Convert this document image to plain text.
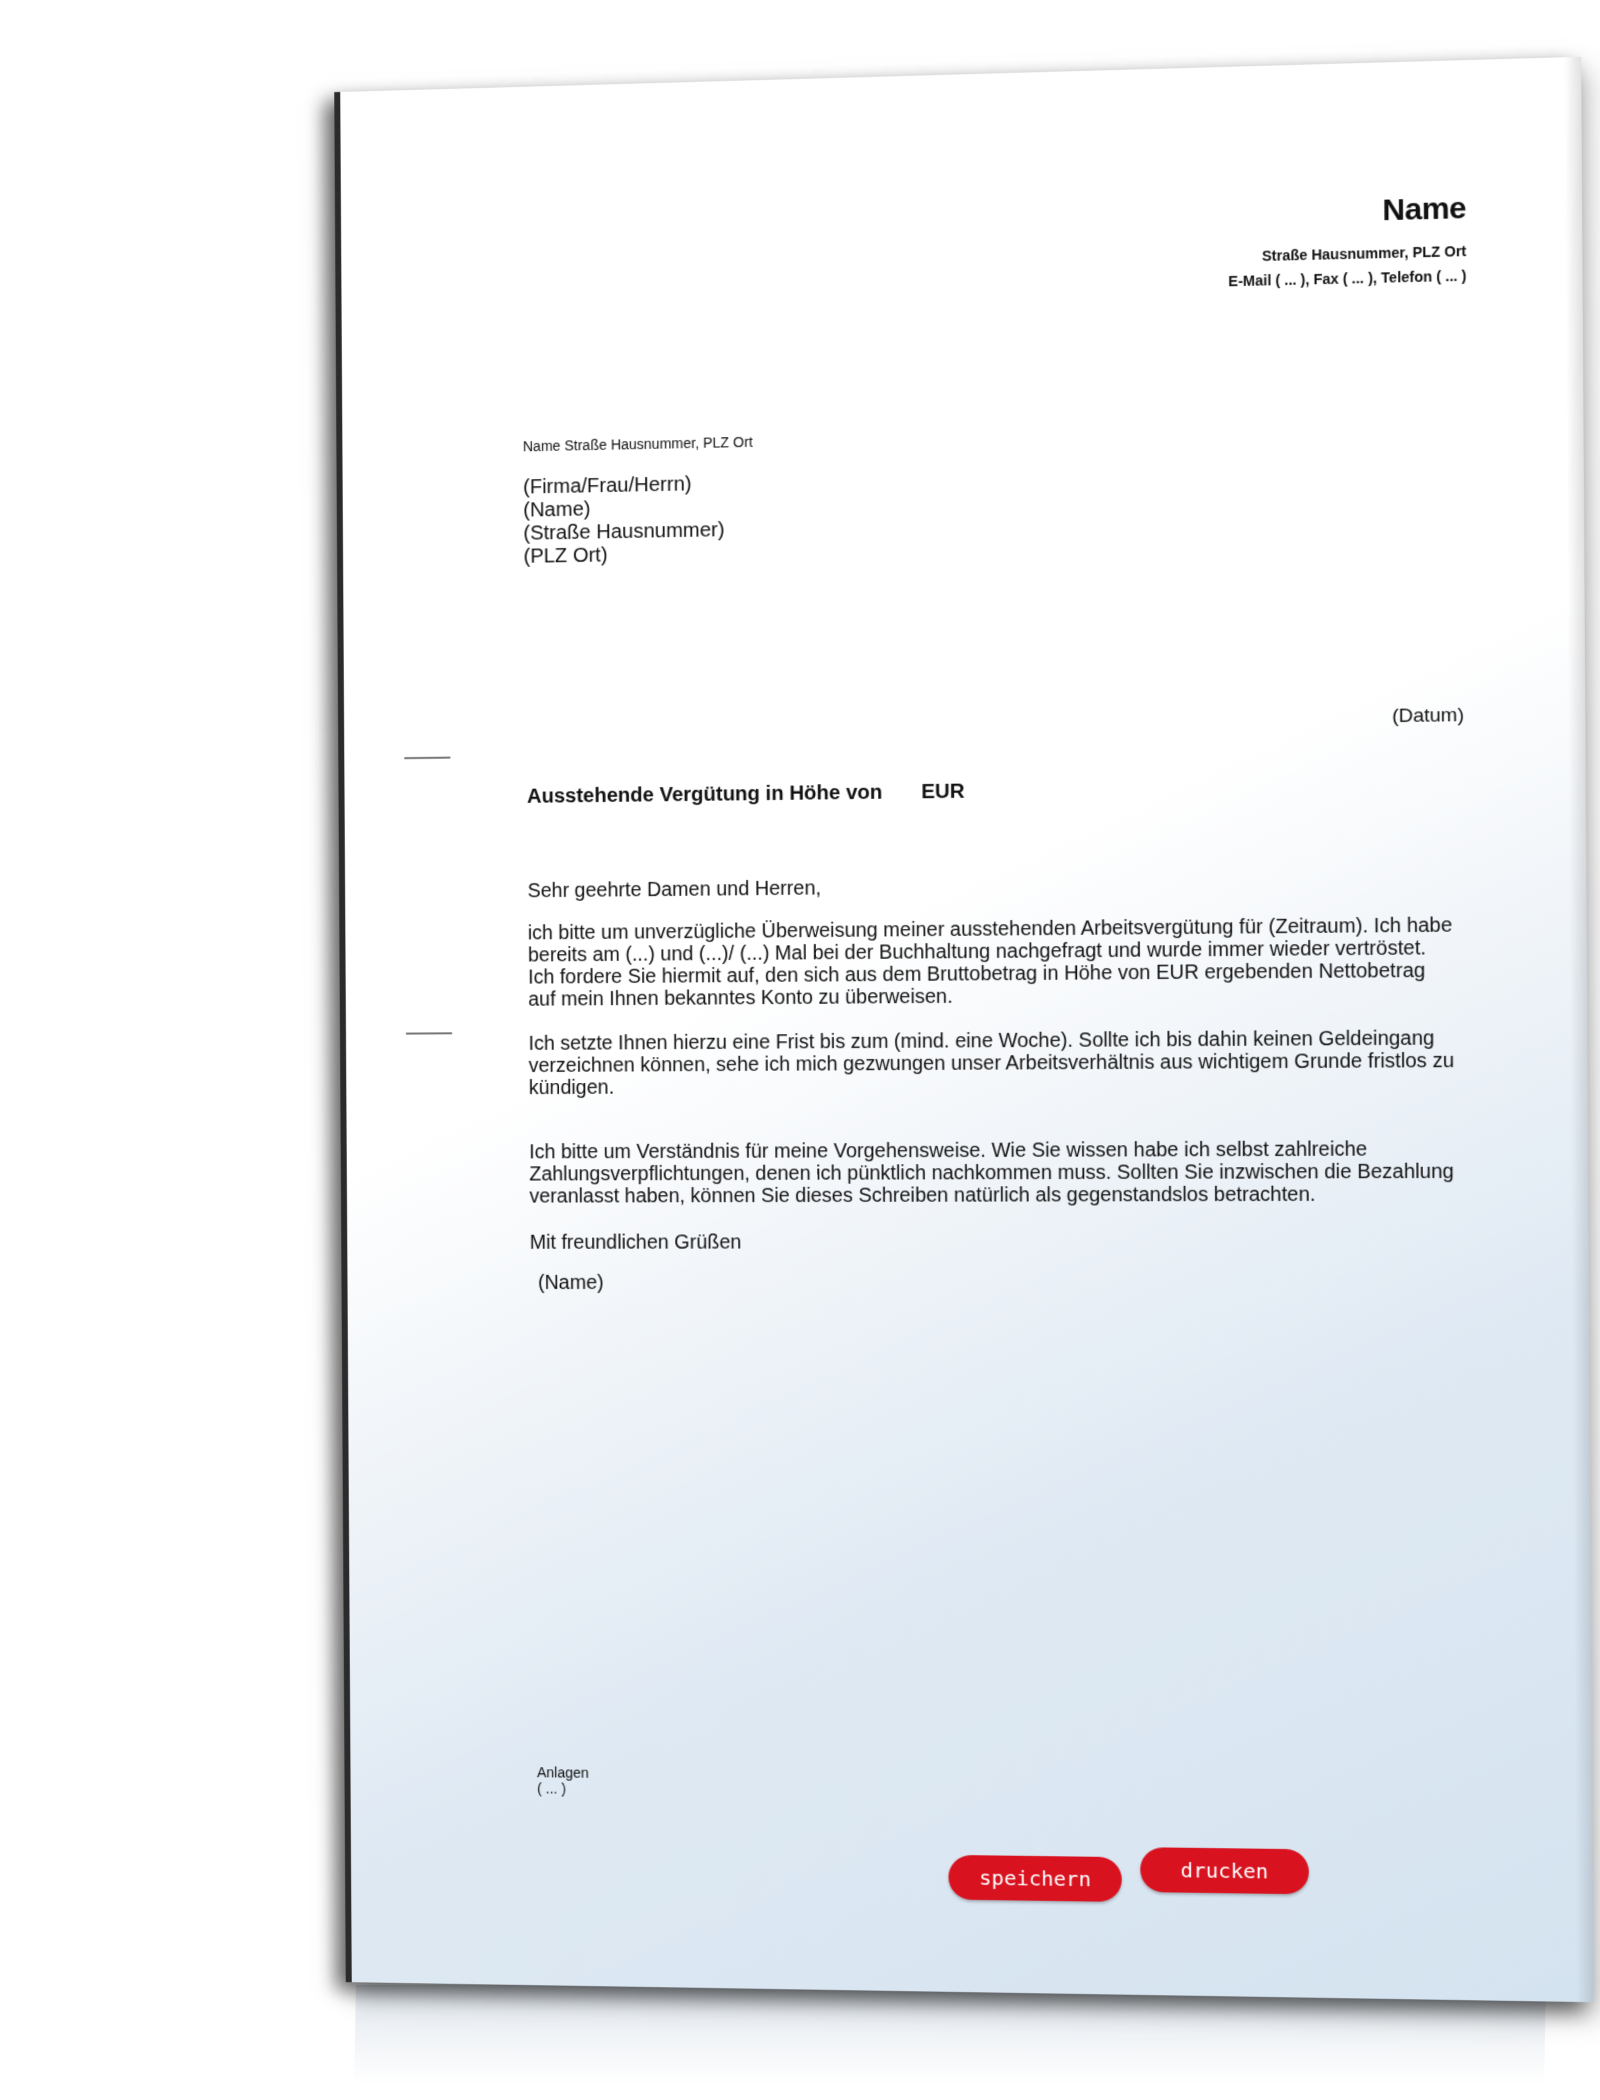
Name
Straße Hausnummer, PLZ Ort
E-Mail ( ... ), Fax ( ... ), Telefon ( ... )
Name Straße Hausnummer, PLZ Ort
(Firma/Frau/Herrn)
(Name)
(Straße Hausnummer)
(PLZ Ort)
(Datum)
Ausstehende Vergütung in Höhe von EUR
Sehr geehrte Damen und Herren,

ich bitte um unverzügliche Überweisung meiner ausstehenden Arbeitsvergütung für (Zeitraum). Ich habe bereits am (...) und (...)/ (...) Mal bei der Buchhaltung nachgefragt und wurde immer wieder vertröstet. Ich fordere Sie hiermit auf, den sich aus dem Bruttobetrag in Höhe von EUR ergebenden Nettobetrag auf mein Ihnen bekanntes Konto zu überweisen.

Ich setzte Ihnen hierzu eine Frist bis zum (mind. eine Woche). Sollte ich bis dahin keinen Geldeingang verzeichnen können, sehe ich mich gezwungen unser Arbeitsverhältnis aus wichtigem Grunde fristlos zu kündigen.

Ich bitte um Verständnis für meine Vorgehensweise. Wie Sie wissen habe ich selbst zahlreiche Zahlungsverpflichtungen, denen ich pünktlich nachkommen muss. Sollten Sie inzwischen die Bezahlung veranlasst haben, können Sie dieses Schreiben natürlich als gegenstandslos betrachten.

Mit freundlichen Grüßen
(Name)
Anlagen
( ... )
speichern	drucken
